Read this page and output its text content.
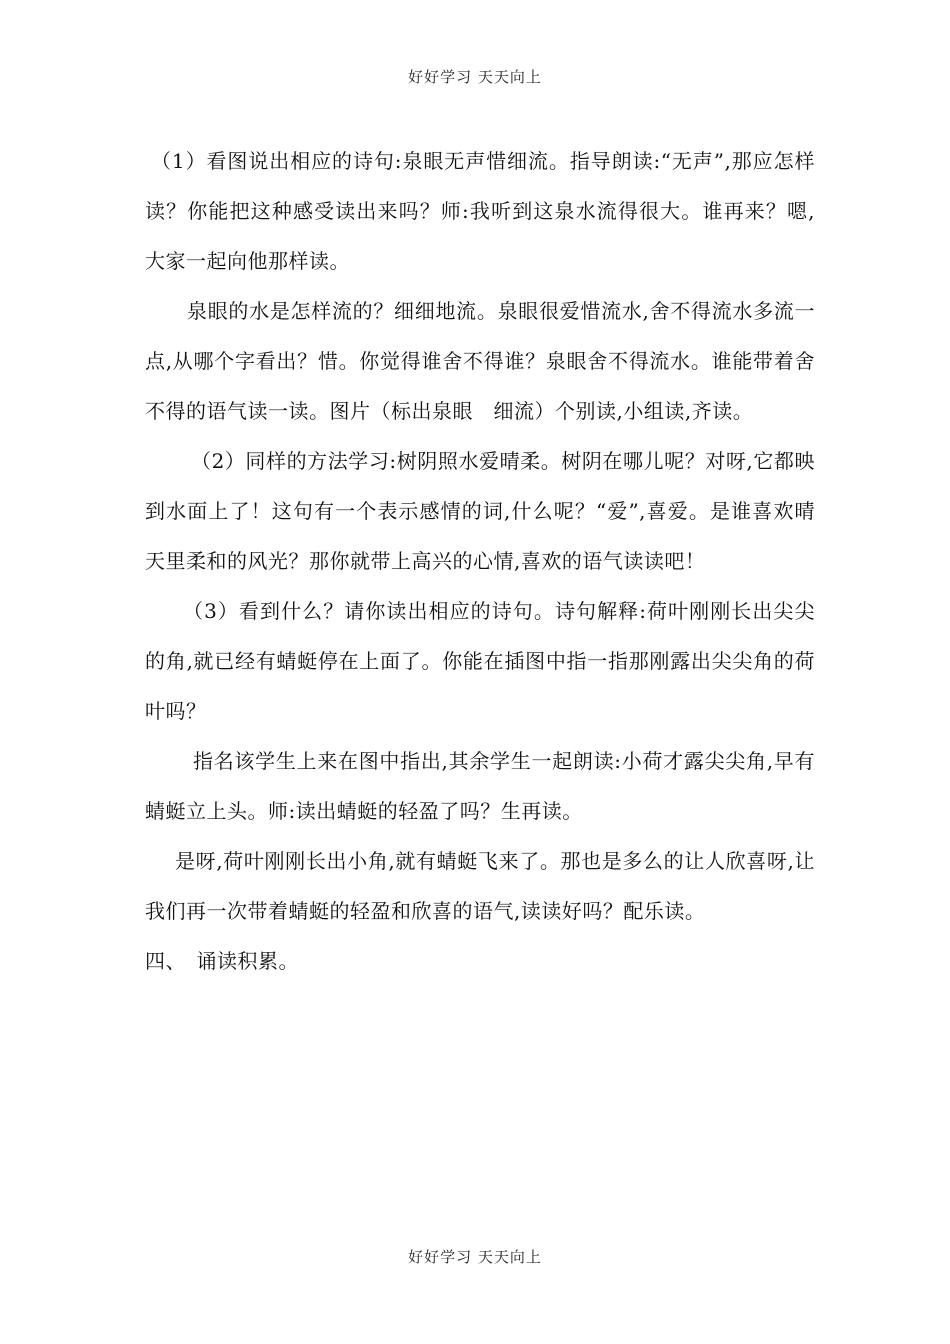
好好学习 天天向上

（1）看图说出相应的诗句:泉眼无声惜细流。指导朗读:“无声”,那应怎样读？你能把这种感受读出来吗？师:我听到这泉水流得很大。谁再来？嗯,大家一起向他那样读。

泉眼的水是怎样流的？细细地流。泉眼很爱惜流水,舍不得流水多流一点,从哪个字看出？惜。你觉得谁舍不得谁？泉眼舍不得流水。谁能带着舍不得的语气读一读。图片（标出泉眼　细流）个别读,小组读,齐读。

（2）同样的方法学习:树阴照水爱晴柔。树阴在哪儿呢？对呀,它都映到水面上了！这句有一个表示感情的词,什么呢？“爱”,喜爱。是谁喜欢晴天里柔和的风光？那你就带上高兴的心情,喜欢的语气读读吧！

（3）看到什么？请你读出相应的诗句。诗句解释:荷叶刚刚长出尖尖的角,就已经有蜻蜓停在上面了。你能在插图中指一指那刚露出尖尖角的荷叶吗？

指名该学生上来在图中指出,其余学生一起朗读:小荷才露尖尖角,早有蜻蜓立上头。师:读出蜻蜓的轻盈了吗？生再读。

是呀,荷叶刚刚长出小角,就有蜻蜓飞来了。那也是多么的让人欣喜呀,让我们再一次带着蜻蜓的轻盈和欣喜的语气,读读好吗？配乐读。

四、　诵读积累。

好好学习 天天向上
